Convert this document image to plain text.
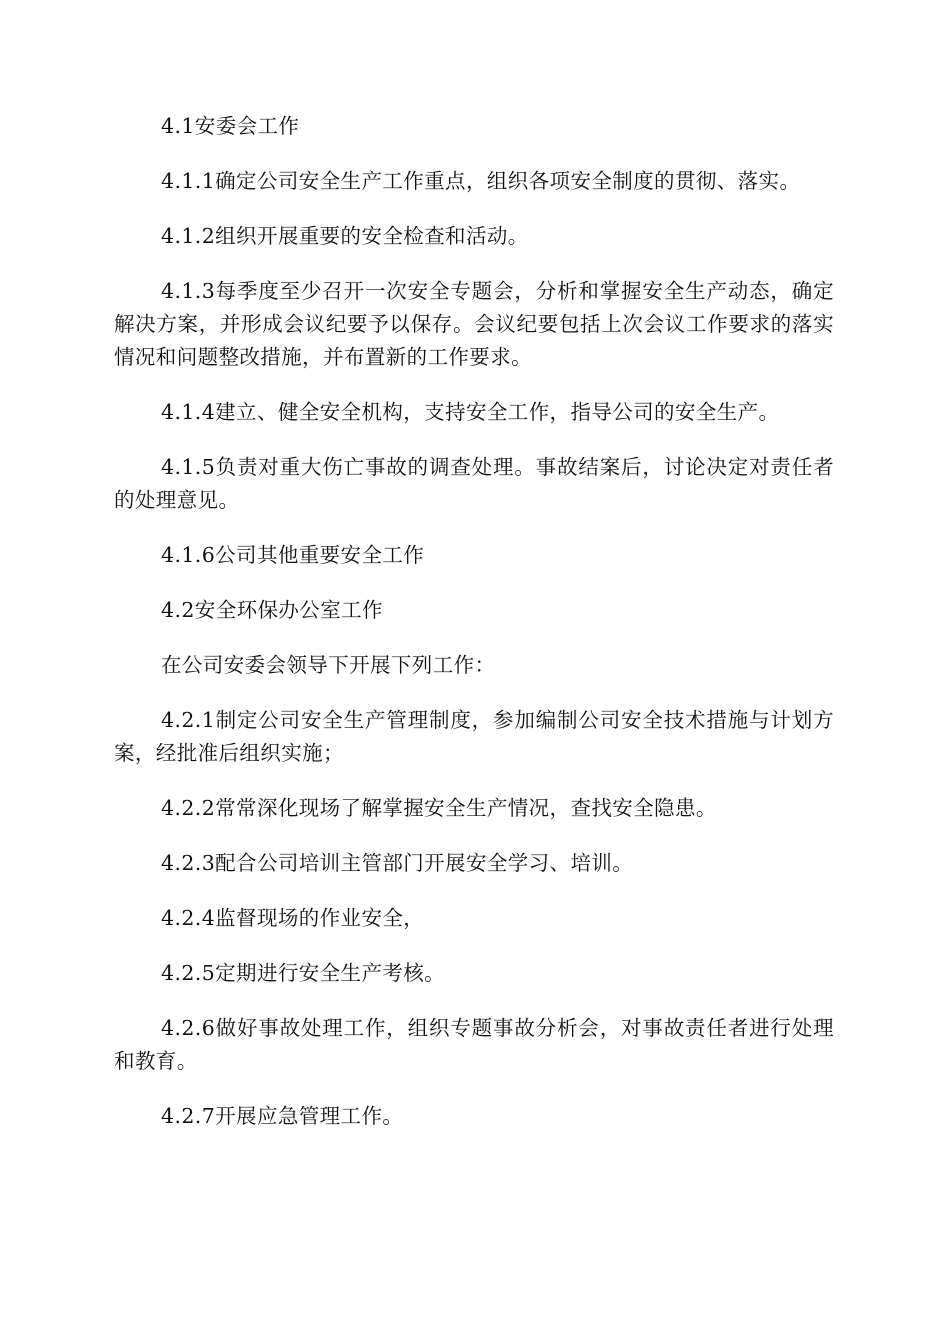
4.1安委会工作

4.1.1确定公司安全生产工作重点，组织各项安全制度的贯彻、落实。

4.1.2组织开展重要的安全检查和活动。

4.1.3每季度至少召开一次安全专题会，分析和掌握安全生产动态，确定解决方案，并形成会议纪要予以保存。会议纪要包括上次会议工作要求的落实情况和问题整改措施，并布置新的工作要求。

4.1.4建立、健全安全机构，支持安全工作，指导公司的安全生产。

4.1.5负责对重大伤亡事故的调查处理。事故结案后，讨论决定对责任者的处理意见。

4.1.6公司其他重要安全工作

4.2安全环保办公室工作

在公司安委会领导下开展下列工作：

4.2.1制定公司安全生产管理制度，参加编制公司安全技术措施与计划方案，经批准后组织实施；

4.2.2常常深化现场了解掌握安全生产情况，查找安全隐患。

4.2.3配合公司培训主管部门开展安全学习、培训。

4.2.4监督现场的作业安全，

4.2.5定期进行安全生产考核。

4.2.6做好事故处理工作，组织专题事故分析会，对事故责任者进行处理和教育。

4.2.7开展应急管理工作。
